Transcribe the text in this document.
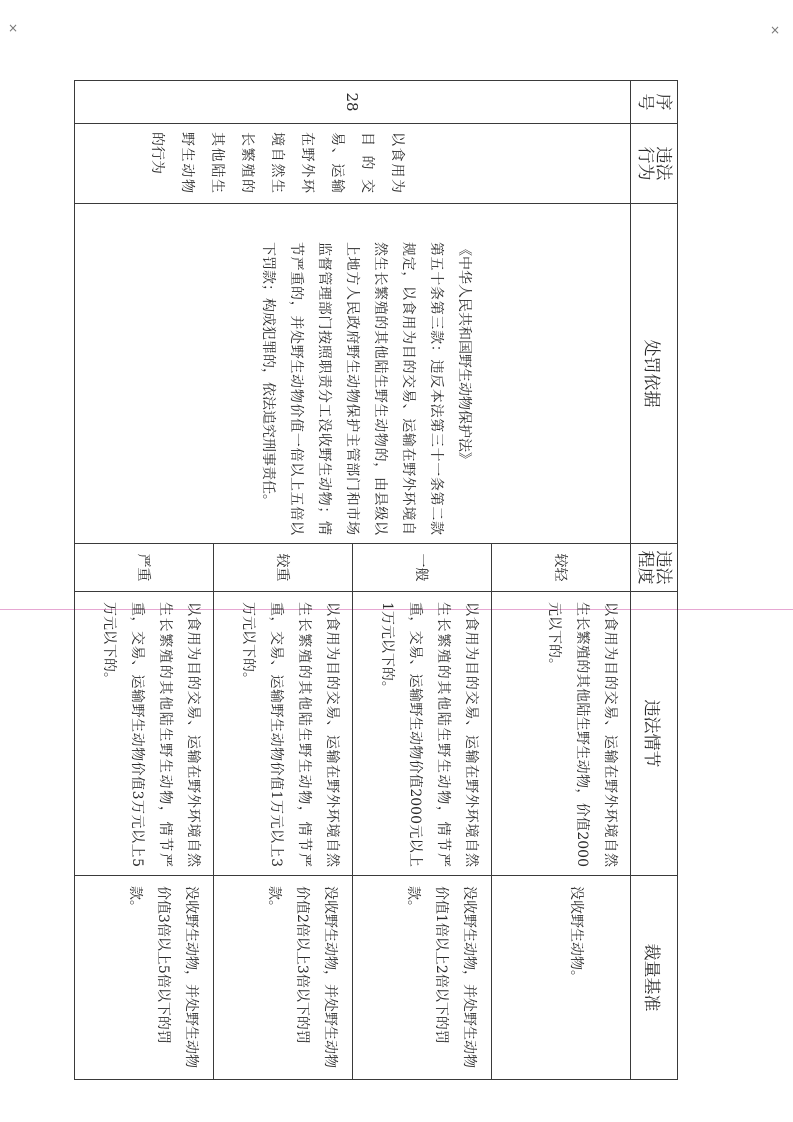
×	×
序号	违法行为	处罚依据	违法程度	违法情节	裁量基准
28	以食用为目的交易、运输在野外环境自然生长繁殖的其他陆生野生动物的行为	《中华人民共和国野生动物保护法》
第五十条第三款：违反本法第三十一条第二款规定，以食用为目的交易、运输在野外环境自然生长繁殖的其他陆生野生动物的，由县级以上地方人民政府野生动物保护主管部门和市场监督管理部门按照职责分工没收野生动物；情节严重的，并处野生动物价值一倍以上五倍以下罚款；构成犯罪的，依法追究刑事责任。	较轻	以食用为目的交易、运输在野外环境自然生长繁殖的其他陆生野生动物，价值2000元以下的。	没收野生动物。
			一般	以食用为目的交易、运输在野外环境自然生长繁殖的其他陆生野生动物，情节严重，交易、运输野生动物价值2000元以上1万元以下的。	没收野生动物，并处野生动物价值1倍以上2倍以下的罚款。
			较重	以食用为目的交易、运输在野外环境自然生长繁殖的其他陆生野生动物，情节严重，交易、运输野生动物价值1万元以上3万元以下的。	没收野生动物，并处野生动物价值2倍以上3倍以下的罚款。
			严重	以食用为目的交易、运输在野外环境自然生长繁殖的其他陆生野生动物，情节严重，交易、运输野生动物价值3万元以上5万元以下的。	没收野生动物，并处野生动物价值3倍以上5倍以下的罚款。
